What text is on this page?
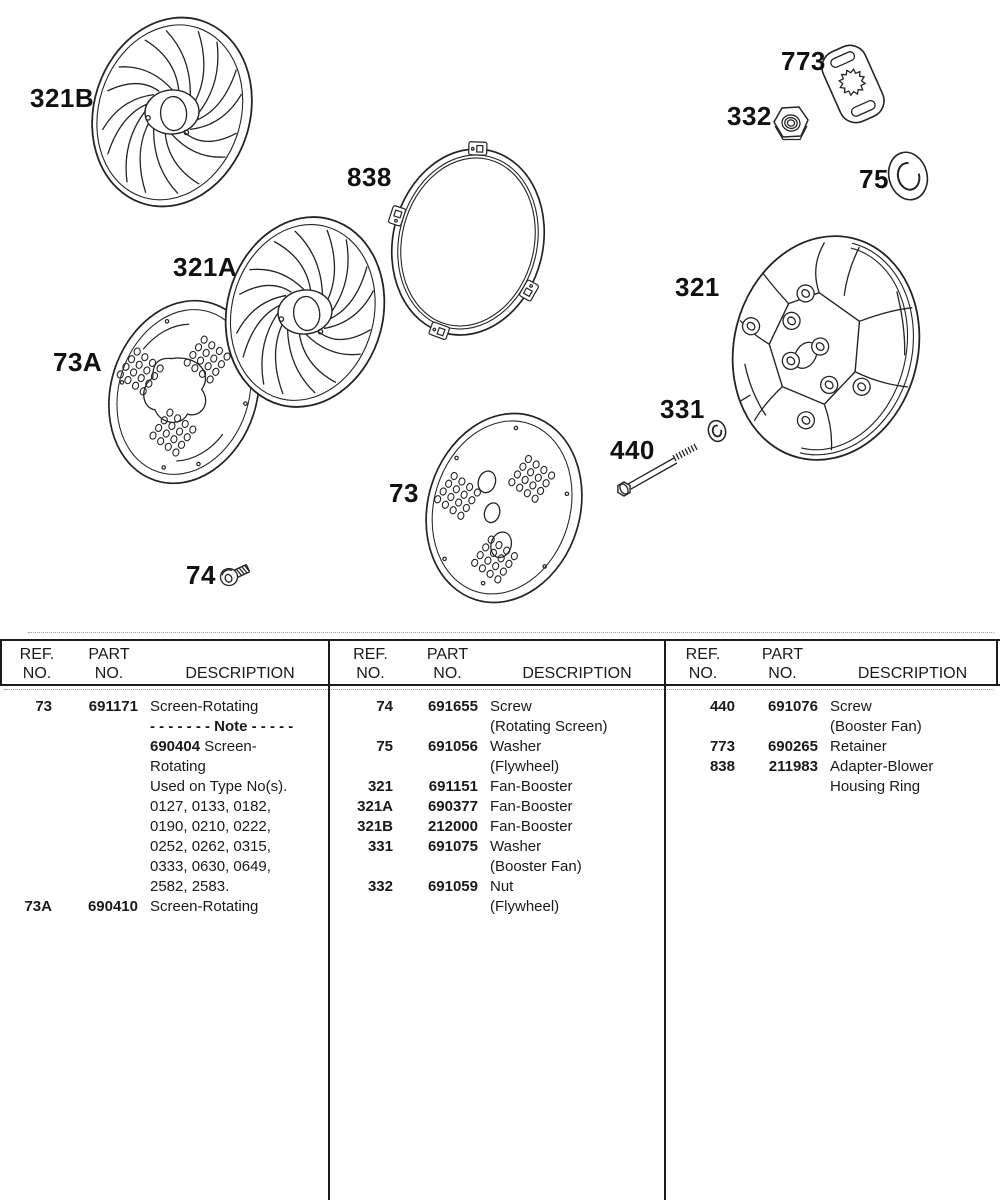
321B
321A
73A
838
73
74
773
332
75
321
331
440
REF.	PART
NO.	NO.	DESCRIPTION
73	691171 Screen-Rotating
- - - - - - - Note - - - - -
690404 Screen-
Rotating
Used on Type No(s).
0127, 0133, 0182,
0190, 0210, 0222,
0252, 0262, 0315,
0333, 0630, 0649,
2582, 2583.
73A	690410 Screen-Rotating
REF.	PART
NO.	NO.	DESCRIPTION
74	691655 Screw
(Rotating Screen)
75	691056 Washer
(Flywheel)
321	691151 Fan-Booster
321A	690377 Fan-Booster
321B	212000 Fan-Booster
331	691075 Washer
(Booster Fan)
332	691059 Nut
(Flywheel)
REF.	PART
NO.	NO.	DESCRIPTION
440	691076 Screw
(Booster Fan)
773	690265 Retainer
838	211983 Adapter-Blower
Housing Ring
